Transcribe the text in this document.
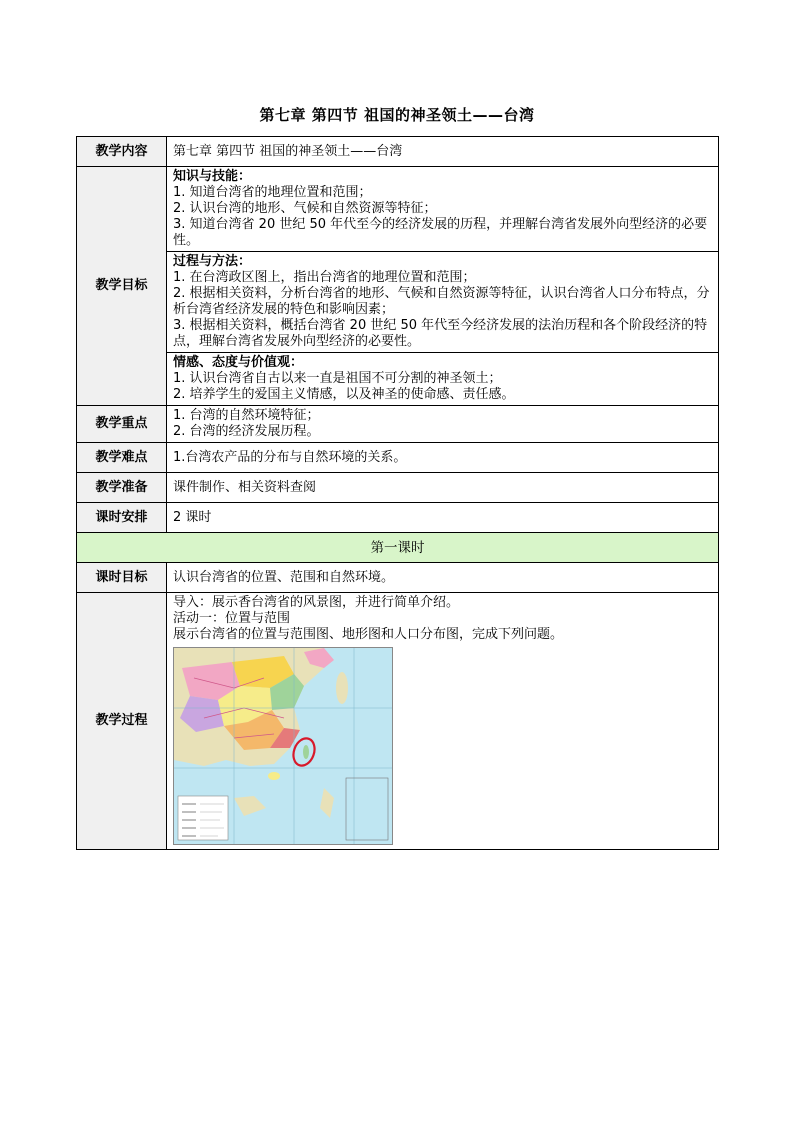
第七章 第四节 祖国的神圣领土——台湾
教学内容	第七章 第四节 祖国的神圣领土——台湾
教学目标	知识与技能：
1. 知道台湾省的地理位置和范围；
2. 认识台湾的地形、气候和自然资源等特征；
3. 知道台湾省 20 世纪 50 年代至今的经济发展的历程，并理解台湾省发展外向型经济的必要性。

	过程与方法：
1. 在台湾政区图上，指出台湾省的地理位置和范围；
2. 根据相关资料，分析台湾省的地形、气候和自然资源等特征，认识台湾省人口分布特点，分析台湾省经济发展的特色和影响因素；
3. 根据相关资料，概括台湾省 20 世纪 50 年代至今经济发展的法治历程和各个阶段经济的特点，理解台湾省发展外向型经济的必要性。

	情感、态度与价值观：
1. 认识台湾省自古以来一直是祖国不可分割的神圣领土；
2. 培养学生的爱国主义情感，以及神圣的使命感、责任感。

教学重点	1. 台湾的自然环境特征；
2. 台湾的经济发展历程。

教学难点	1.台湾农产品的分布与自然环境的关系。
教学准备	课件制作、相关资料查阅
课时安排	2 课时
第一课时	
课时目标	认识台湾省的位置、范围和自然环境。
教学过程	导入：展示香台湾省的风景图，并进行简单介绍。
活动一：位置与范围
展示台湾省的位置与范围图、地形图和人口分布图，完成下列问题。
